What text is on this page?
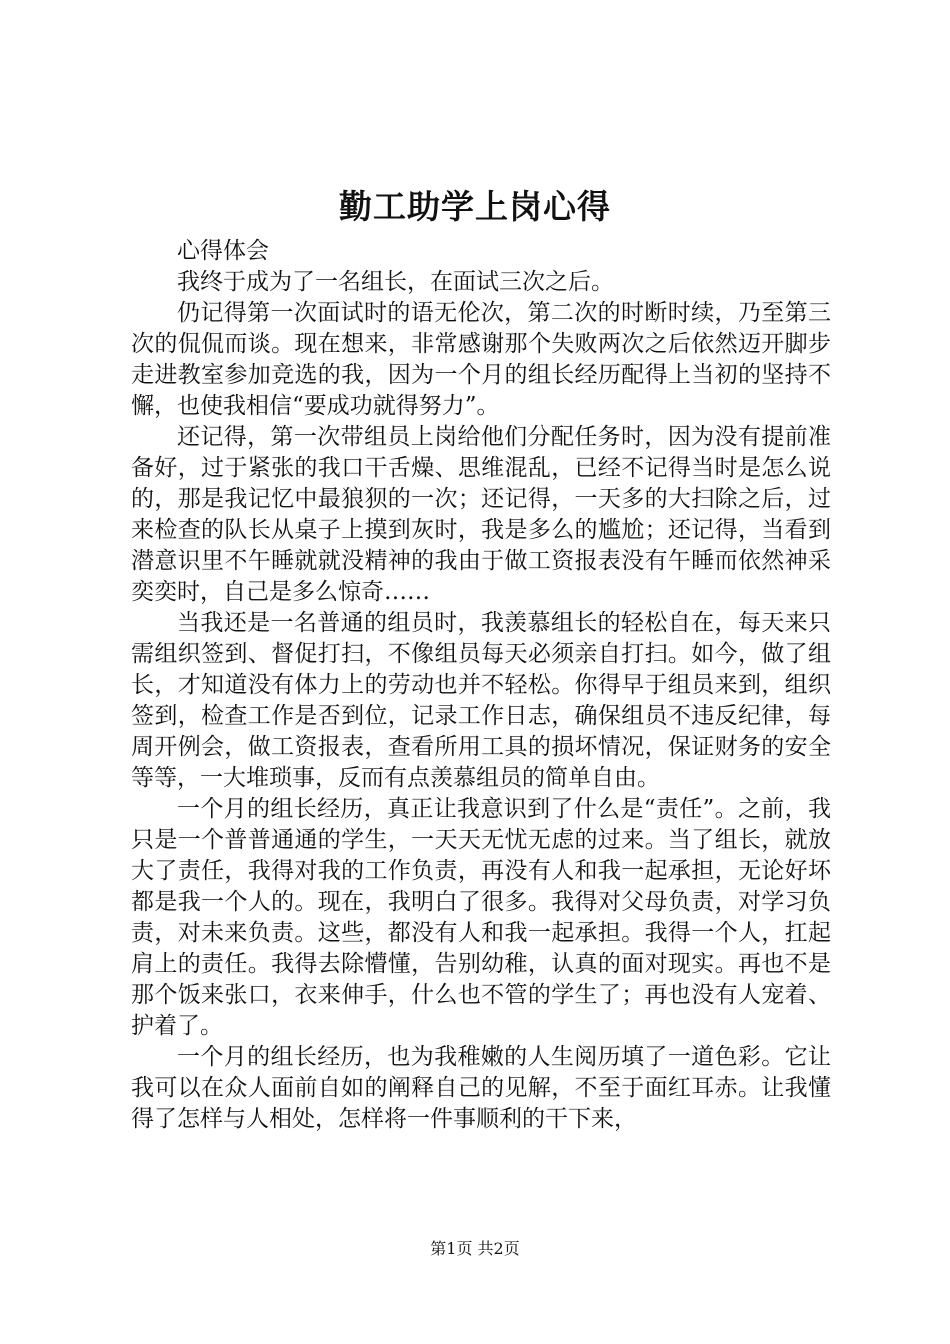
勤工助学上岗心得

心得体会

我终于成为了一名组长，在面试三次之后。

仍记得第一次面试时的语无伦次，第二次的时断时续，乃至第三次的侃侃而谈。现在想来，非常感谢那个失败两次之后依然迈开脚步走进教室参加竞选的我，因为一个月的组长经历配得上当初的坚持不懈，也使我相信“要成功就得努力”。

还记得，第一次带组员上岗给他们分配任务时，因为没有提前准备好，过于紧张的我口干舌燥、思维混乱，已经不记得当时是怎么说的，那是我记忆中最狼狈的一次；还记得，一天多的大扫除之后，过来检查的队长从桌子上摸到灰时，我是多么的尴尬；还记得，当看到潜意识里不午睡就就没精神的我由于做工资报表没有午睡而依然神采奕奕时，自己是多么惊奇……

当我还是一名普通的组员时，我羡慕组长的轻松自在，每天来只需组织签到、督促打扫，不像组员每天必须亲自打扫。如今，做了组长，才知道没有体力上的劳动也并不轻松。你得早于组员来到，组织签到，检查工作是否到位，记录工作日志，确保组员不违反纪律，每周开例会，做工资报表，查看所用工具的损坏情况，保证财务的安全等等，一大堆琐事，反而有点羡慕组员的简单自由。

一个月的组长经历，真正让我意识到了什么是“责任”。之前，我只是一个普普通通的学生，一天天无忧无虑的过来。当了组长，就放大了责任，我得对我的工作负责，再没有人和我一起承担，无论好坏都是我一个人的。现在，我明白了很多。我得对父母负责，对学习负责，对未来负责。这些，都没有人和我一起承担。我得一个人，扛起肩上的责任。我得去除懵懂，告别幼稚，认真的面对现实。再也不是那个饭来张口，衣来伸手，什么也不管的学生了；再也没有人宠着、护着了。

一个月的组长经历，也为我稚嫩的人生阅历填了一道色彩。它让我可以在众人面前自如的阐释自己的见解，不至于面红耳赤。让我懂得了怎样与人相处，怎样将一件事顺利的干下来，

第1页 共2页
